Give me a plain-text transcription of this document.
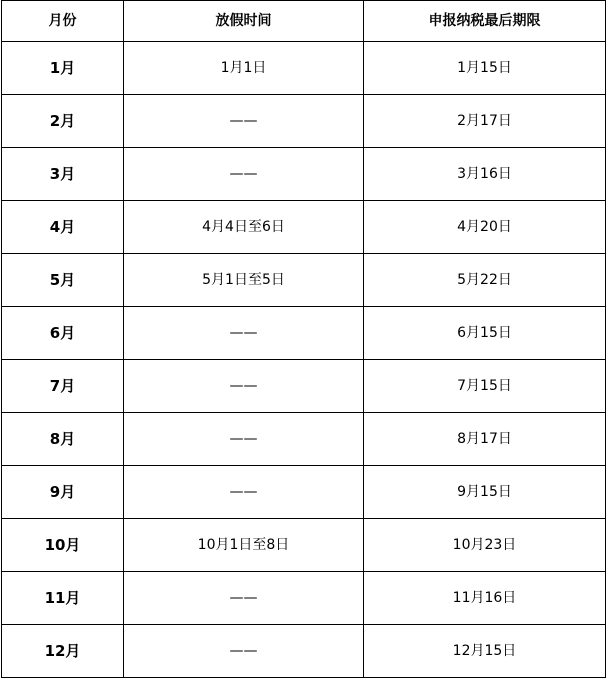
月份	放假时间	申报纳税最后期限
1月	1月1日	1月15日
2月	——	2月17日
3月	——	3月16日
4月	4月4日至6日	4月20日
5月	5月1日至5日	5月22日
6月	——	6月15日
7月	——	7月15日
8月	——	8月17日
9月	——	9月15日
10月	10月1日至8日	10月23日
11月	——	11月16日
12月	——	12月15日
